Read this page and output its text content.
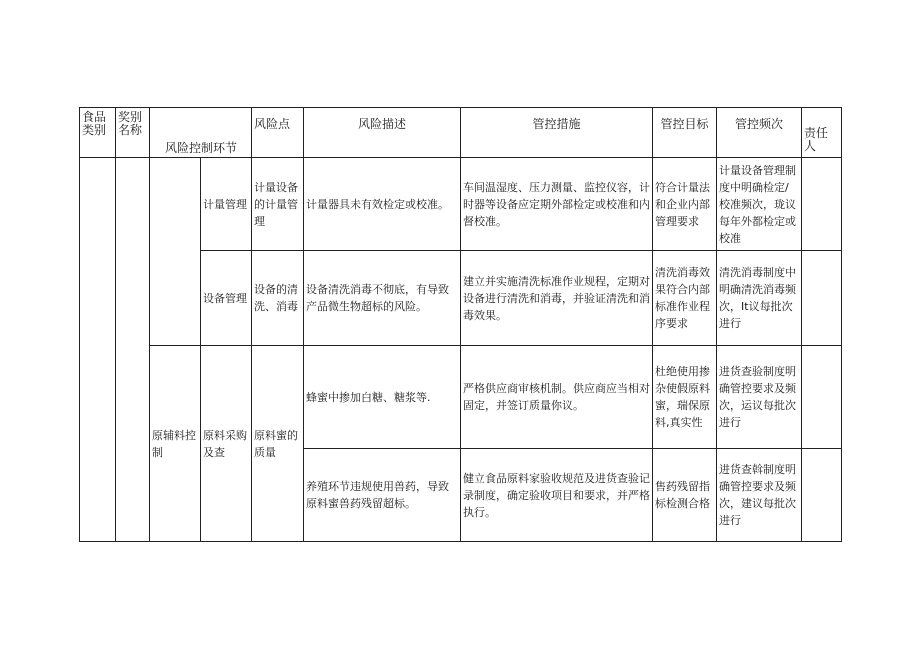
食品类别	奖别名称	风险控制环节		风险点	风险描述	管控措施	管控目标	管控频次	责任人
			计量管理	计量设备的计量管理	计量器具未有效检定或校准。	车间温湿度、压力测量、监控仪容，计时器等设备应定期外部检定或校准和内督校准。	符合计量法和企业内部管理要求	计量设备管理制度中明确检定/校准频次，珑议每年外都检定或校准	
			设备管理	设备的清洗、消毒	设备清洗消毒不彻底，有导致产品微生物超标的风险。	建立并实施清洗标准作业规程，定期对设备进行清洗和消毒，并验证清洗和消毒效果。	清洗消毒效果符合内部标准作业程序要求	清洗消毒制度中明确清洗消毒频次，It议每批次进行	
		原辅料控制	原料采购及查	原料蜜的质量	蜂蜜中掺加白糖、糖浆等.	严格供应商审核机制。供应商应当相对固定，并签订质量你议。	杜绝使用掺杂使假原料蜜，瑞保原料,真实性	进货查验制度明确管控要求及频次，运议每批次进行	
					养殖环节违规使用兽药，导致原料蜜兽药残留超标。	健立食品原料家验收规范及进货查验记录制度，确定验收项目和要求，并严格执行。	售药残留指标检测合格	进货查斡制度明确管控要求及频次，建议每批次进行	
